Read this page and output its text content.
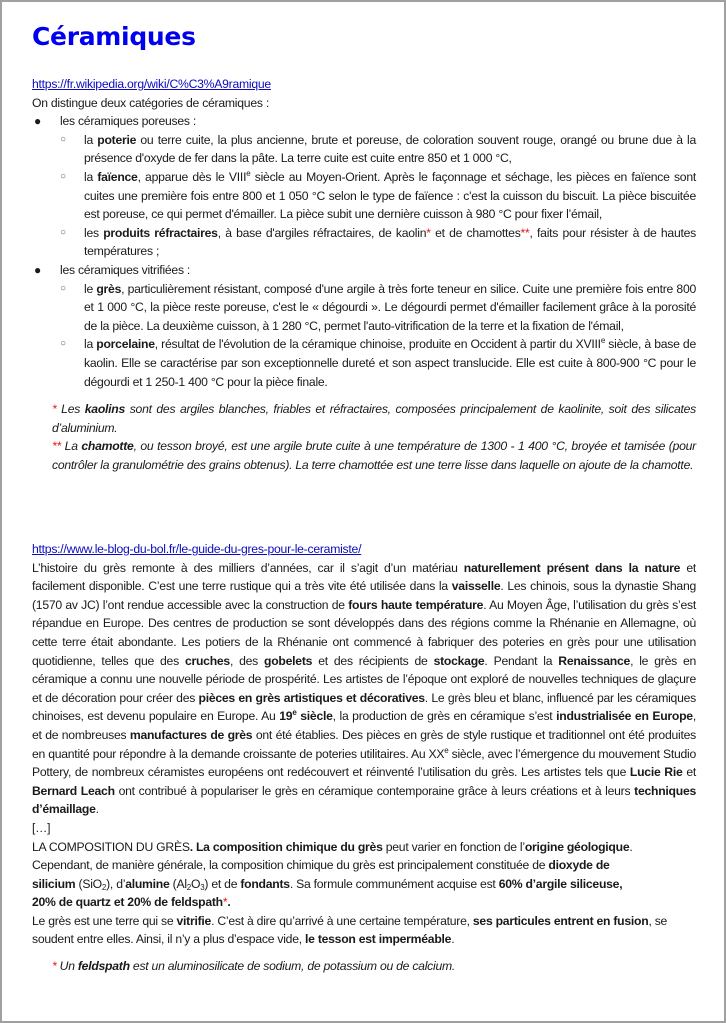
Céramiques
https://fr.wikipedia.org/wiki/C%C3%A9ramique
On distingue deux catégories de céramiques :
● les céramiques poreuses :
○ la poterie ou terre cuite, la plus ancienne, brute et poreuse, de coloration souvent rouge, orangé ou brune due à la présence d'oxyde de fer dans la pâte. La terre cuite est cuite entre 850 et 1 000 °C,
○ la faïence, apparue dès le VIIIe siècle au Moyen-Orient. Après le façonnage et séchage, les pièces en faïence sont cuites une première fois entre 800 et 1 050 °C selon le type de faïence : c'est la cuisson du biscuit. La pièce biscuitée est poreuse, ce qui permet d'émailler. La pièce subit une dernière cuisson à 980 °C pour fixer l’émail,
○ les produits réfractaires, à base d'argiles réfractaires, de kaolin* et de chamottes**, faits pour résister à de hautes températures ;
● les céramiques vitrifiées :
○ le grès, particulièrement résistant, composé d'une argile à très forte teneur en silice. Cuite une première fois entre 800 et 1 000 °C, la pièce reste poreuse, c'est le « dégourdi ». Le dégourdi permet d'émailler facilement grâce à la porosité de la pièce. La deuxième cuisson, à 1 280 °C, permet l'auto-vitrification de la terre et la fixation de l'émail,
○ la porcelaine, résultat de l'évolution de la céramique chinoise, produite en Occident à partir du XVIIIe siècle, à base de kaolin. Elle se caractérise par son exceptionnelle dureté et son aspect translucide. Elle est cuite à 800-900 °C pour le dégourdi et 1 250-1 400 °C pour la pièce finale.
* Les kaolins sont des argiles blanches, friables et réfractaires, composées principalement de kaolinite, soit des silicates d’aluminium.
** La chamotte, ou tesson broyé, est une argile brute cuite à une température de 1300 - 1 400 °C, broyée et tamisée (pour contrôler la granulométrie des grains obtenus). La terre chamottée est une terre lisse dans laquelle on ajoute de la chamotte.
https://www.le-blog-du-bol.fr/le-guide-du-gres-pour-le-ceramiste/
L’histoire du grès remonte à des milliers d’années, car il s’agit d’un matériau naturellement présent dans la nature et facilement disponible. C’est une terre rustique qui a très vite été utilisée dans la vaisselle. Les chinois, sous la dynastie Shang (1570 av JC) l’ont rendue accessible avec la construction de fours haute température. Au Moyen Âge, l’utilisation du grès s’est répandue en Europe. Des centres de production se sont développés dans des régions comme la Rhénanie en Allemagne, où cette terre était abondante. Les potiers de la Rhénanie ont commencé à fabriquer des poteries en grès pour une utilisation quotidienne, telles que des cruches, des gobelets et des récipients de stockage. Pendant la Renaissance, le grès en céramique a connu une nouvelle période de prospérité. Les artistes de l’époque ont exploré de nouvelles techniques de glaçure et de décoration pour créer des pièces en grès artistiques et décoratives. Le grès bleu et blanc, influencé par les céramiques chinoises, est devenu populaire en Europe. Au 19e siècle, la production de grès en céramique s’est industrialisée en Europe, et de nombreuses manufactures de grès ont été établies. Des pièces en grès de style rustique et traditionnel ont été produites en quantité pour répondre à la demande croissante de poteries utilitaires. Au XXe siècle, avec l’émergence du mouvement Studio Pottery, de nombreux céramistes européens ont redécouvert et réinventé l’utilisation du grès. Les artistes tels que Lucie Rie et Bernard Leach ont contribué à populariser le grès en céramique contemporaine grâce à leurs créations et à leurs techniques d’émaillage.
[…]
LA COMPOSITION DU GRÈS. La composition chimique du grès peut varier en fonction de l’origine géologique. Cependant, de manière générale, la composition chimique du grès est principalement constituée de dioxyde de silicium (SiO$_2$), d’alumine $(Al_2O_3)$ et de fondants. Sa formule communément acquise est 60% d’argile siliceuse, 20% de quartz et 20% de feldspath*.
Le grès est une terre qui se vitrifie. C’est à dire qu’arrivé à une certaine température, ses particules entrent en fusion, se soudent entre elles. Ainsi, il n’y a plus d’espace vide, le tesson est imperméable.
* Un feldspath est un aluminosilicate de sodium, de potassium ou de calcium.
